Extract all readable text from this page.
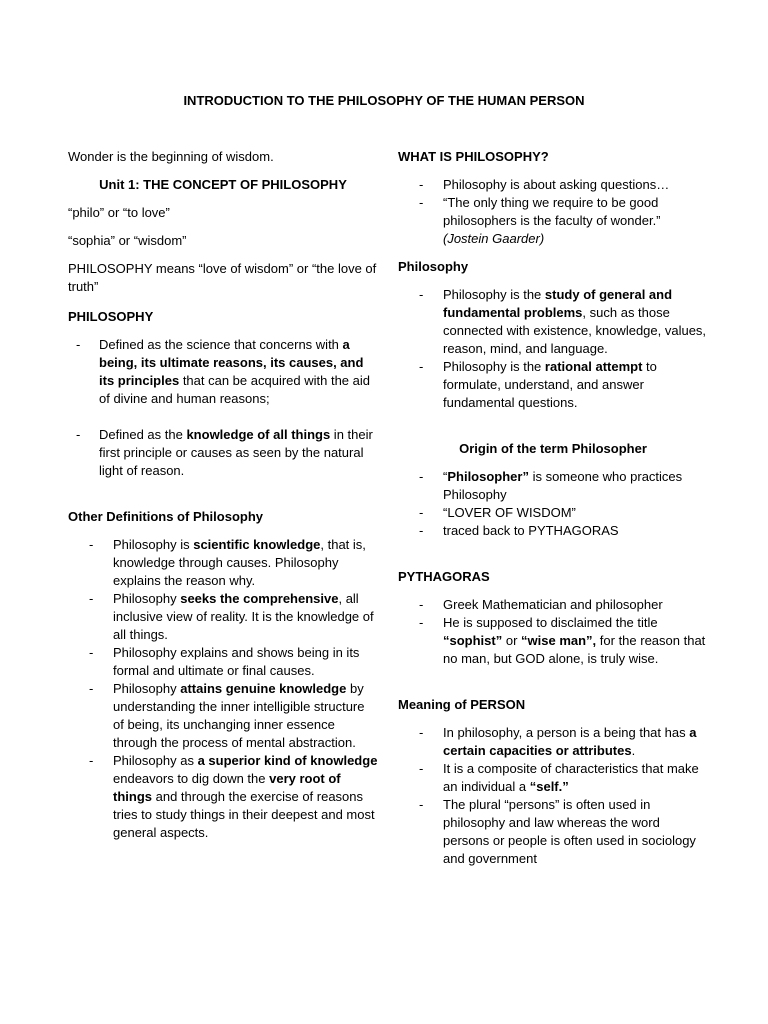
INTRODUCTION TO THE PHILOSOPHY OF THE HUMAN PERSON

Wonder is the beginning of wisdom.

Unit 1: THE CONCEPT OF PHILOSOPHY

“philo” or “to love”

“sophia” or “wisdom”

PHILOSOPHY means “love of wisdom” or “the love of truth”

PHILOSOPHY

- Defined as the science that concerns with a being, its ultimate reasons, its causes, and its principles that can be acquired with the aid of divine and human reasons;
- Defined as the knowledge of all things in their first principle or causes as seen by the natural light of reason.

Other Definitions of Philosophy

- Philosophy is scientific knowledge, that is, knowledge through causes. Philosophy explains the reason why.
- Philosophy seeks the comprehensive, all inclusive view of reality. It is the knowledge of all things.
- Philosophy explains and shows being in its formal and ultimate or final causes.
- Philosophy attains genuine knowledge by understanding the inner intelligible structure of being, its unchanging inner essence through the process of mental abstraction.
- Philosophy as a superior kind of knowledge endeavors to dig down the very root of things and through the exercise of reasons tries to study things in their deepest and most general aspects.

WHAT IS PHILOSOPHY?

- Philosophy is about asking questions…
- “The only thing we require to be good philosophers is the faculty of wonder.”
(Jostein Gaarder)

Philosophy

- Philosophy is the study of general and fundamental problems, such as those connected with existence, knowledge, values, reason, mind, and language.
- Philosophy is the rational attempt to formulate, understand, and answer fundamental questions.

Origin of the term Philosopher

- “Philosopher” is someone who practices Philosophy
- “LOVER OF WISDOM”
- traced back to PYTHAGORAS

PYTHAGORAS

- Greek Mathematician and philosopher
- He is supposed to disclaimed the title “sophist” or “wise man”, for the reason that no man, but GOD alone, is truly wise.

Meaning of PERSON

- In philosophy, a person is a being that has a certain capacities or attributes.
- It is a composite of characteristics that make an individual a “self.”
- The plural “persons” is often used in philosophy and law whereas the word persons or people is often used in sociology and government
